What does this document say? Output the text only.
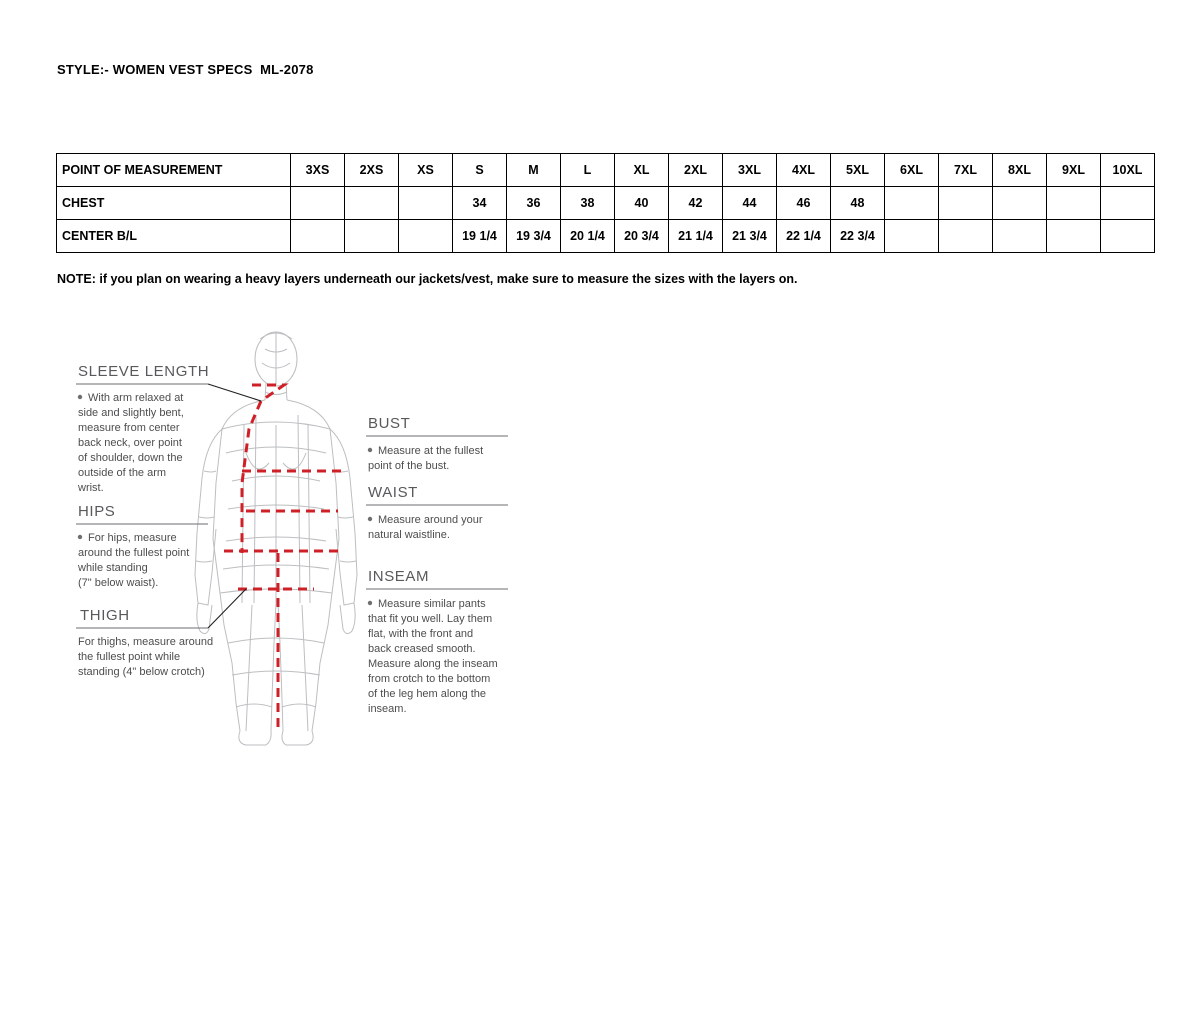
STYLE:- WOMEN VEST SPECS  ML-2078
POINT OF MEASUREMENT	3XS	2XS	XS	S	M	L	XL	2XL	3XL	4XL	5XL	6XL	7XL	8XL	9XL	10XL
CHEST				34	36	38	40	42	44	46	48					
CENTER B/L				19 1/4	19 3/4	20 1/4	20 3/4	21 1/4	21 3/4	22 1/4	22 3/4					
NOTE: if you plan on wearing a heavy layers underneath our jackets/vest, make sure to measure the sizes with the layers on.
SLEEVE LENGTH
With arm relaxed at
side and slightly bent,
measure from center
back neck, over point
of shoulder, down the
outside of the arm
wrist.
HIPS
For hips, measure
around the fullest point
while standing
(7" below waist).
THIGH
For thighs, measure around
the fullest point while
standing (4" below crotch)
BUST
Measure at the fullest
point of the bust.
WAIST
Measure around your
natural waistline.
INSEAM
Measure similar pants
that fit you well. Lay them
flat, with the front and
back creased smooth.
Measure along the inseam
from crotch to the bottom
of the leg hem along the
inseam.
